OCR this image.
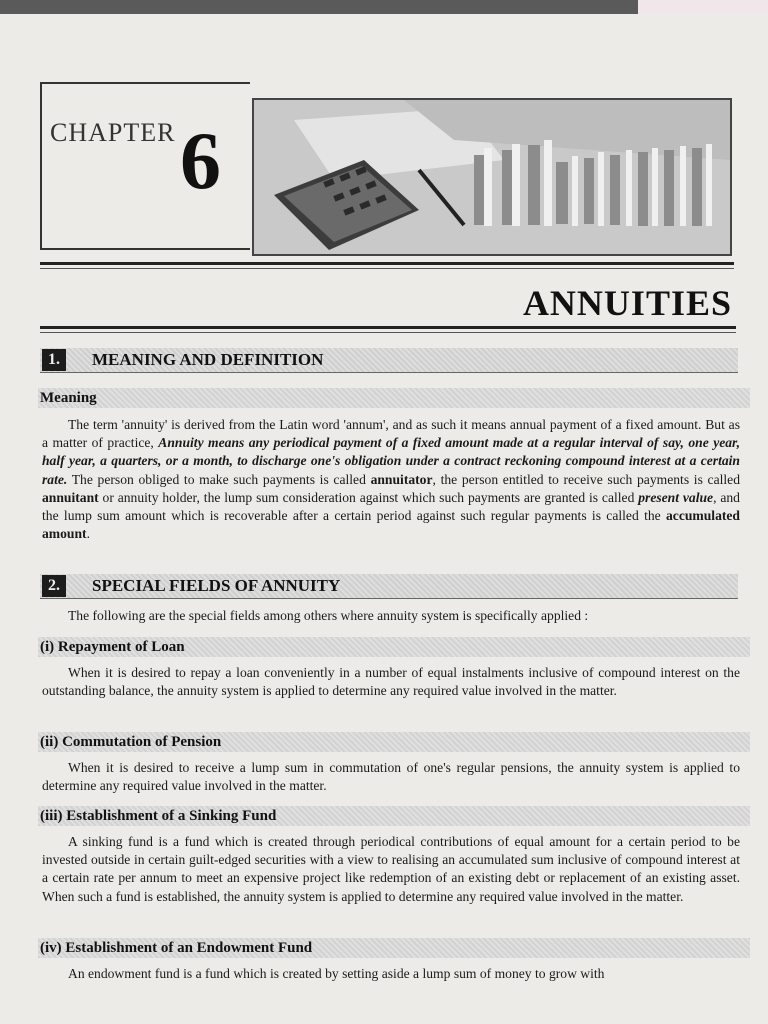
CHAPTER 6
ANNUITIES
1.	MEANING AND DEFINITION
Meaning
The term 'annuity' is derived from the Latin word 'annum', and as such it means annual payment of a fixed amount. But as a matter of practice, Annuity means any periodical payment of a fixed amount made at a regular interval of say, one year, half year, a quarters, or a month, to discharge one's obligation under a contract reckoning compound interest at a certain rate. The person obliged to make such payments is called annuitator, the person entitled to receive such payments is called annuitant or annuity holder, the lump sum consideration against which such payments are granted is called present value, and the lump sum amount which is recoverable after a certain period against such regular payments is called the accumulated amount.
2.	SPECIAL FIELDS OF ANNUITY
The following are the special fields among others where annuity system is specifically applied :
(i) Repayment of Loan
When it is desired to repay a loan conveniently in a number of equal instalments inclusive of compound interest on the outstanding balance, the annuity system is applied to determine any required value involved in the matter.
(ii) Commutation of Pension
When it is desired to receive a lump sum in commutation of one's regular pensions, the annuity system is applied to determine any required value involved in the matter.
(iii) Establishment of a Sinking Fund
A sinking fund is a fund which is created through periodical contributions of equal amount for a certain period to be invested outside in certain guilt-edged securities with a view to realising an accumulated sum inclusive of compound interest at a certain rate per annum to meet an expensive project like redemption of an existing debt or replacement of an existing asset. When such a fund is established, the annuity system is applied to determine any required value involved in the matter.
(iv) Establishment of an Endowment Fund
An endowment fund is a fund which is created by setting aside a lump sum of money to grow with
